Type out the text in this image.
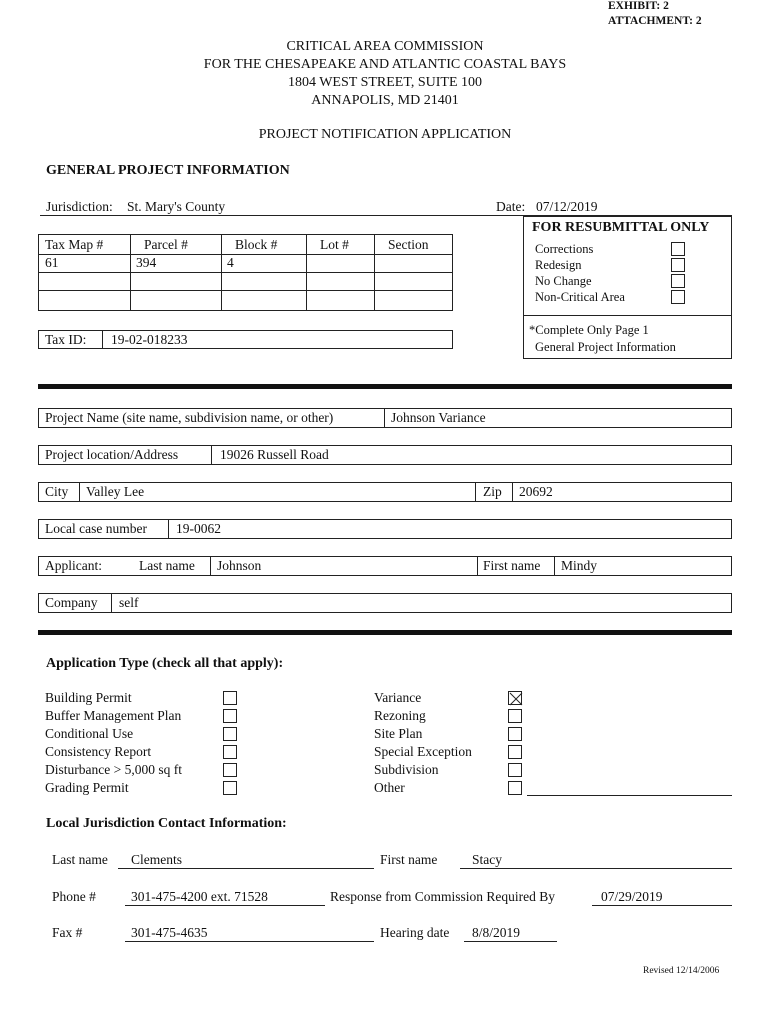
EXHIBIT: 2
ATTACHMENT: 2
CRITICAL AREA COMMISSION
FOR THE CHESAPEAKE AND ATLANTIC COASTAL BAYS
1804 WEST STREET, SUITE 100
ANNAPOLIS, MD 21401
PROJECT NOTIFICATION APPLICATION
GENERAL PROJECT INFORMATION
Jurisdiction: St. Mary's County	Date: 07/12/2019
Tax Map #	Parcel #	Block #	Lot #	Section
61	394	4
FOR RESUBMITTAL ONLY
Corrections
Redesign
No Change
Non-Critical Area
*Complete Only Page 1
General Project Information
Tax ID: 19-02-018233
Project Name (site name, subdivision name, or other)	Johnson Variance
Project location/Address	19026 Russell Road
City Valley Lee	Zip 20692
Local case number 19-0062
Applicant:	Last name Johnson	First name Mindy
Company self
Application Type (check all that apply):
Building Permit
Buffer Management Plan
Conditional Use
Consistency Report
Disturbance > 5,000 sq ft
Grading Permit
Variance
Rezoning
Site Plan
Special Exception
Subdivision
Other
Local Jurisdiction Contact Information:
Last name Clements	First name	Stacy
Phone #	301-475-4200 ext. 71528	Response from Commission Required By	07/29/2019
Fax #	301-475-4635	Hearing date 8/8/2019
Revised 12/14/2006
